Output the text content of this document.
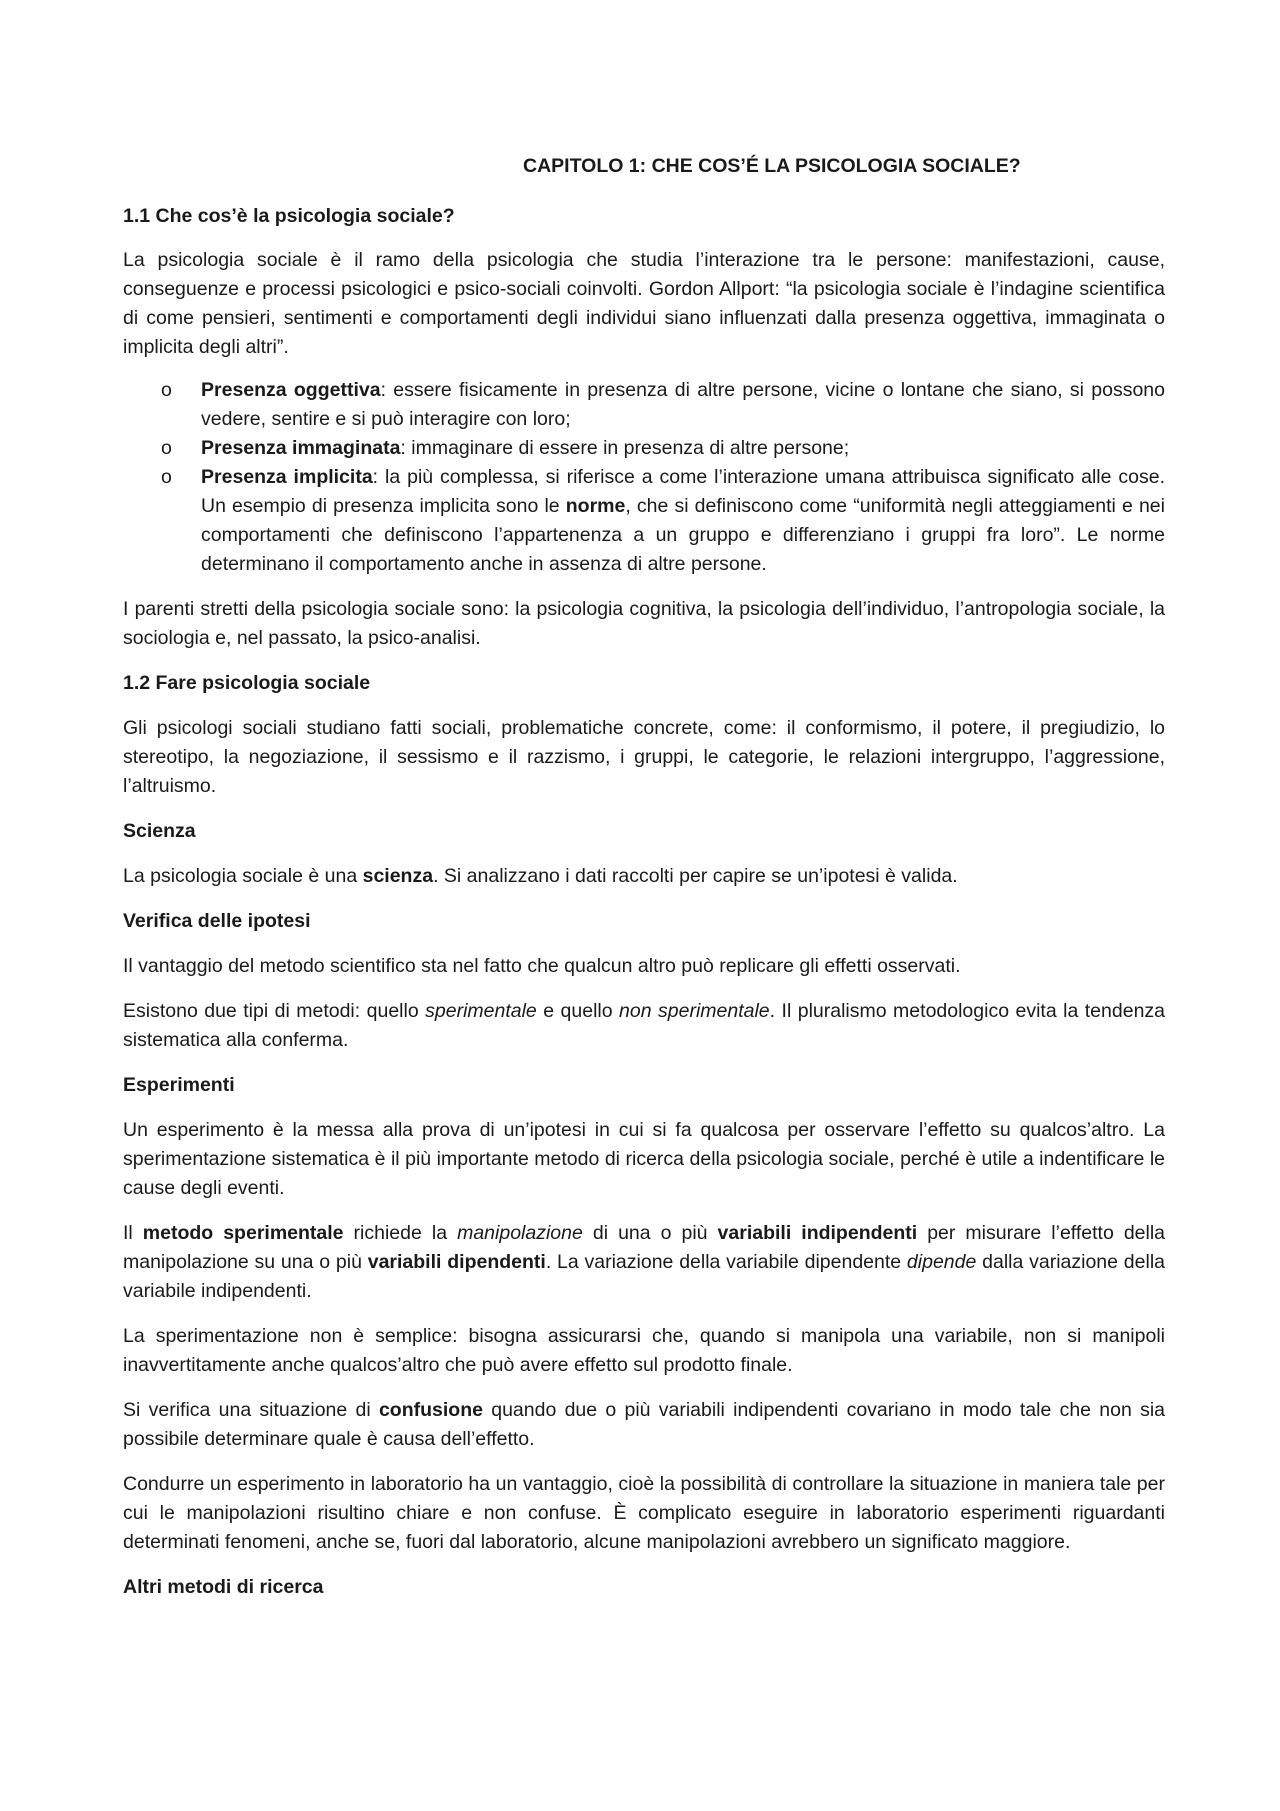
CAPITOLO 1: CHE COS’É LA PSICOLOGIA SOCIALE?
1.1 Che cos’è la psicologia sociale?

La psicologia sociale è il ramo della psicologia che studia l’interazione tra le persone: manifestazioni, cause, conseguenze e processi psicologici e psico-sociali coinvolti. Gordon Allport: “la psicologia sociale è l’indagine scientifica di come pensieri, sentimenti e comportamenti degli individui siano influenzati dalla presenza oggettiva, immaginata o implicita degli altri”.

o Presenza oggettiva: essere fisicamente in presenza di altre persone, vicine o lontane che siano, si possono vedere, sentire e si può interagire con loro;
o Presenza immaginata: immaginare di essere in presenza di altre persone;
o Presenza implicita: la più complessa, si riferisce a come l’interazione umana attribuisca significato alle cose. Un esempio di presenza implicita sono le norme, che si definiscono come “uniformità negli atteggiamenti e nei comportamenti che definiscono l’appartenenza a un gruppo e differenziano i gruppi fra loro”. Le norme determinano il comportamento anche in assenza di altre persone.

I parenti stretti della psicologia sociale sono: la psicologia cognitiva, la psicologia dell’individuo, l’antropologia sociale, la sociologia e, nel passato, la psico-analisi.

1.2 Fare psicologia sociale

Gli psicologi sociali studiano fatti sociali, problematiche concrete, come: il conformismo, il potere, il pregiudizio, lo stereotipo, la negoziazione, il sessismo e il razzismo, i gruppi, le categorie, le relazioni intergruppo, l’aggressione, l’altruismo.

Scienza

La psicologia sociale è una scienza. Si analizzano i dati raccolti per capire se un’ipotesi è valida.

Verifica delle ipotesi

Il vantaggio del metodo scientifico sta nel fatto che qualcun altro può replicare gli effetti osservati.

Esistono due tipi di metodi: quello sperimentale e quello non sperimentale. Il pluralismo metodologico evita la tendenza sistematica alla conferma.

Esperimenti

Un esperimento è la messa alla prova di un’ipotesi in cui si fa qualcosa per osservare l’effetto su qualcos’altro. La sperimentazione sistematica è il più importante metodo di ricerca della psicologia sociale, perché è utile a indentificare le cause degli eventi.

Il metodo sperimentale richiede la manipolazione di una o più variabili indipendenti per misurare l’effetto della manipolazione su una o più variabili dipendenti. La variazione della variabile dipendente dipende dalla variazione della variabile indipendenti.

La sperimentazione non è semplice: bisogna assicurarsi che, quando si manipola una variabile, non si manipoli inavvertitamente anche qualcos’altro che può avere effetto sul prodotto finale.

Si verifica una situazione di confusione quando due o più variabili indipendenti covariano in modo tale che non sia possibile determinare quale è causa dell’effetto.

Condurre un esperimento in laboratorio ha un vantaggio, cioè la possibilità di controllare la situazione in maniera tale per cui le manipolazioni risultino chiare e non confuse. È complicato eseguire in laboratorio esperimenti riguardanti determinati fenomeni, anche se, fuori dal laboratorio, alcune manipolazioni avrebbero un significato maggiore.

Altri metodi di ricerca
